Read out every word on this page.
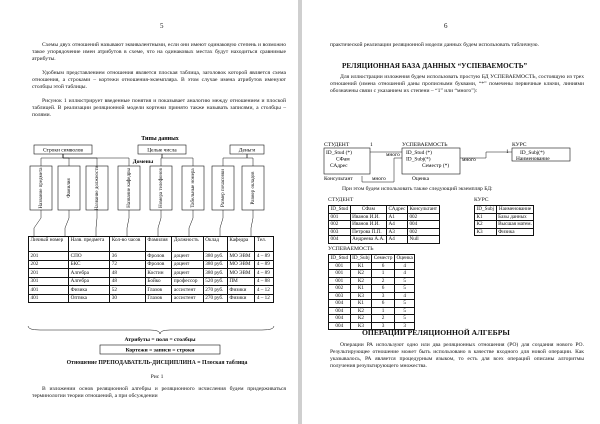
5

Схемы двух отношений называют эквивалентными, если они имеют одинаковую степень и возможно такое упорядочение имен атрибутов в схеме, что на одинаковых местах будут находиться сравнимые атрибуты.

Удобным представлением отношения является плоская таблица, заголовок которой является схема отношения, а строками – кортежи отношения-экземпляра. В этом случае имена атрибутов именуют столбцы этой таблицы.

Рисунок 1 иллюстрирует введенные понятия и показывает аналогию между отношением и плоской таблицей. В реализации реляционной модели кортежи принято также называть записями, а столбцы – полями.

Типы данных
Строки символов	Целые числа	Деньги
Домены
Название предмета	Фамилия	Название должности	Название кафедры	Номера телефонов	Табельные номера	Размер почасовки	Размер окладов
Атрибуты = поля = столбцы
Кортежи = записи = строки
Личный номер	Назв. предмета	Кол-во часов	Фамилия	Должность	Оклад	Кафедра	Тел.
201	СПО	36	Фролов	доцент	380 руб.	МО ЭВМ	4 – 89
202	БКС	72	Фролов	доцент	380 руб.	МО ЭВМ	4 – 89
201	Алгебра	48	Костин	доцент	380 руб.	МО ЭВМ	4 – 89
301	Алгебра	48	Бойко	профессор	520 руб.	ПМ	4 – 88
401	Физика	52	Глазов	ассистент	270 руб.	Физики	4 – 12
401	Оптика	30	Глазов	ассистент	270 руб.	Физики	4 – 12
Отношение ПРЕПОДАВАТЕЛЬ-ДИСЦИПЛИНА = Плоская таблица
Рис 1

В изложении основ реляционной алгебры и реляционного исчисления будем придерживаться терминологии теории отношений, а при обсуждении

6

практической реализации реляционной модели данных будем использовать табличную.

РЕЛЯЦИОННАЯ БАЗА ДАННЫХ “УСПЕВАЕМОСТЬ”

Для иллюстрации изложения будем использовать простую БД УСПЕВАЕМОСТЬ, состоящую из трех отношений (имена отношений даны прописными буквами, “*” помечены первичные ключи, линиями обозначены связи с указанием их степени – “1” или “много”):

СТУДЕНТ	1
ID_Stud (*)
СФам
САдрес
Консультант	много
УСПЕВАЕМОСТЬ
ID_Stud (*)
ID_Subj(*)
Семестр (*)
Оценка
много
много
КУРС
ID_Subj(*)
Наименование
1

При этом будем использовать также следующий экземпляр БД:

СТУДЕНТ
ID_Stud	СФам	САдрес	Консультант
001	Иванов И.И.	А1	002
002	Иванов И.И.	А4	004
003	Петрова П.П.	А3	002
004	Андреева А.А.	А4	Null
КУРС
ID_Subj	Наименование
К1	Базы данных
К2	Высшая матем.
К3	Физика
УСПЕВАЕМОСТЬ
ID_Stud	ID_Subj	Семестр	Оценка
001	К1	6	4
001	К2	1	4
001	К2	2	5
002	К1	6	5
003	К3	3	4
004	К1	6	5
004	К2	1	5
004	К2	2	5
004	К3	3	3
ОПЕРАЦИИ РЕЛЯЦИОННОЙ АЛГЕБРЫ

Операции РА используют одно или два реляционных отношения (РО) для создания нового РО. Результирующее отношение может быть использовано в качестве входного для новой операции. Как указывалось, РА является процедурным языком, то есть для всех операций описаны алгоритмы получения результирующего множества.
